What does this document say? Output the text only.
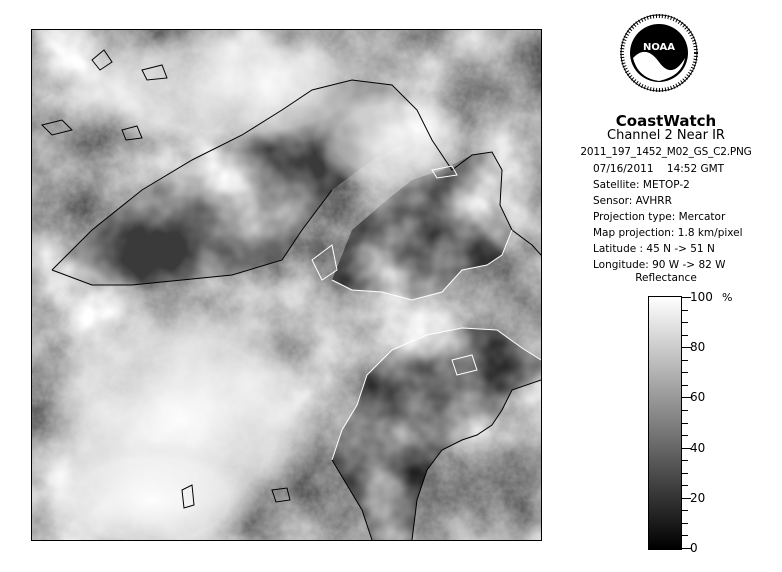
NOAA
CoastWatch
Channel 2 Near IR
2011_197_1452_M02_GS_C2.PNG
07/16/2011 14:52 GMT
Satellite: METOP-2
Sensor: AVHRR
Projection type: Mercator
Map projection: 1.8 km/pixel
Latitude : 45 N -> 51 N
Longitude: 90 W -> 82 W
Reflectance
%
100
80
60
40
20
0
